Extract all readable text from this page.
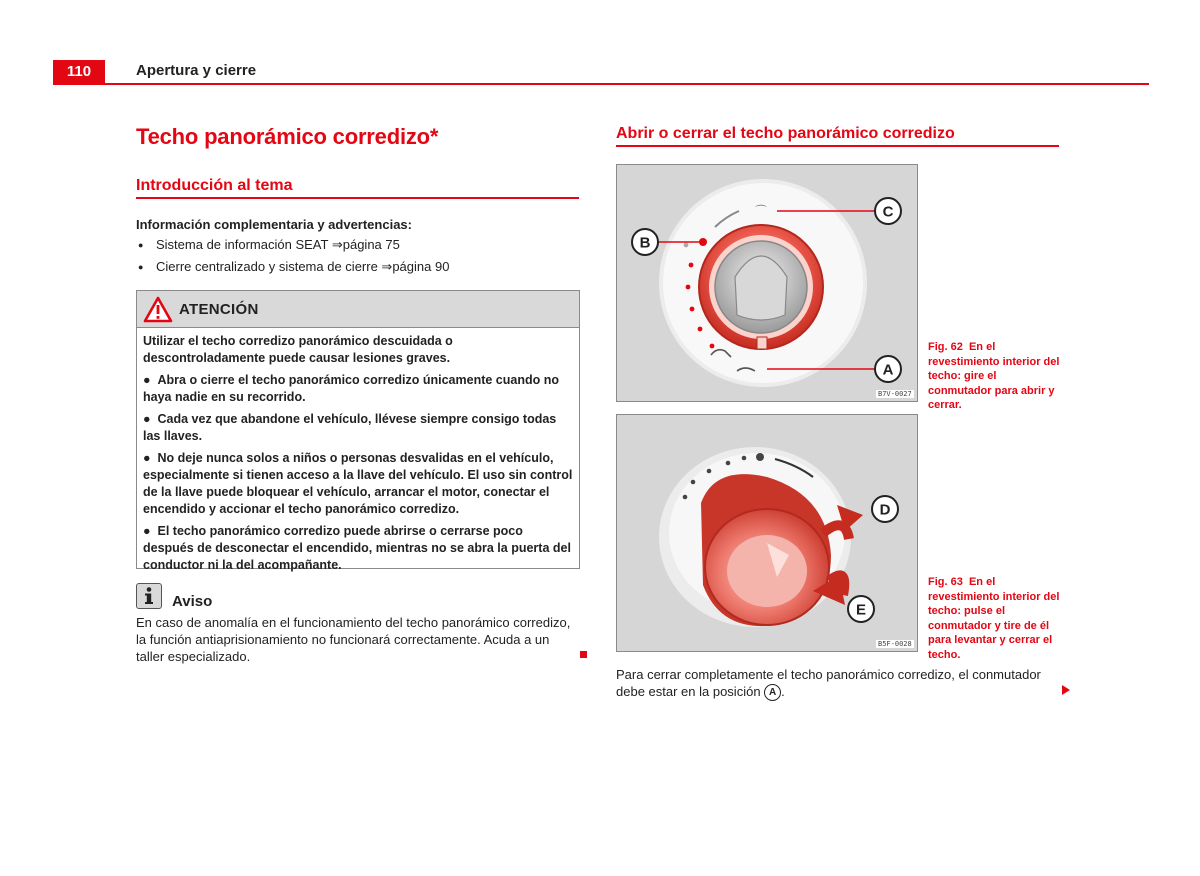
110	Apertura y cierre
Techo panorámico corredizo*
Introducción al tema
Información complementaria y advertencias:
● Sistema de información SEAT ⇒página 75
● Cierre centralizado y sistema de cierre ⇒página 90
ATENCIÓN

Utilizar el techo corredizo panorámico descuidada o descontroladamente puede causar lesiones graves.

●  Abra o cierre el techo panorámico corredizo únicamente cuando no haya nadie en su recorrido.

●  Cada vez que abandone el vehículo, llévese siempre consigo todas las llaves.

●  No deje nunca solos a niños o personas desvalidas en el vehículo, especialmente si tienen acceso a la llave del vehículo. El uso sin control de la llave puede bloquear el vehículo, arrancar el motor, conectar el encendido y accionar el techo panorámico corredizo.

●  El techo panorámico corredizo puede abrirse o cerrarse poco después de desconectar el encendido, mientras no se abra la puerta del conductor ni la del acompañante.

Aviso
En caso de anomalía en el funcionamiento del techo panorámico corredizo, la función antiaprisionamiento no funcionará correctamente. Acuda a un taller especializado.
Abrir o cerrar el techo panorámico corredizo
⌒
B
C
A
B7V-0027
Fig. 62 En el revestimiento interior del techo: gire el conmutador para abrir y cerrar.
D
E
B5F-0028
Fig. 63 En el revestimiento interior del techo: pulse el conmutador y tire de él para levantar y cerrar el techo.
Para cerrar completamente el techo panorámico corredizo, el conmutador debe estar en la posición A .
